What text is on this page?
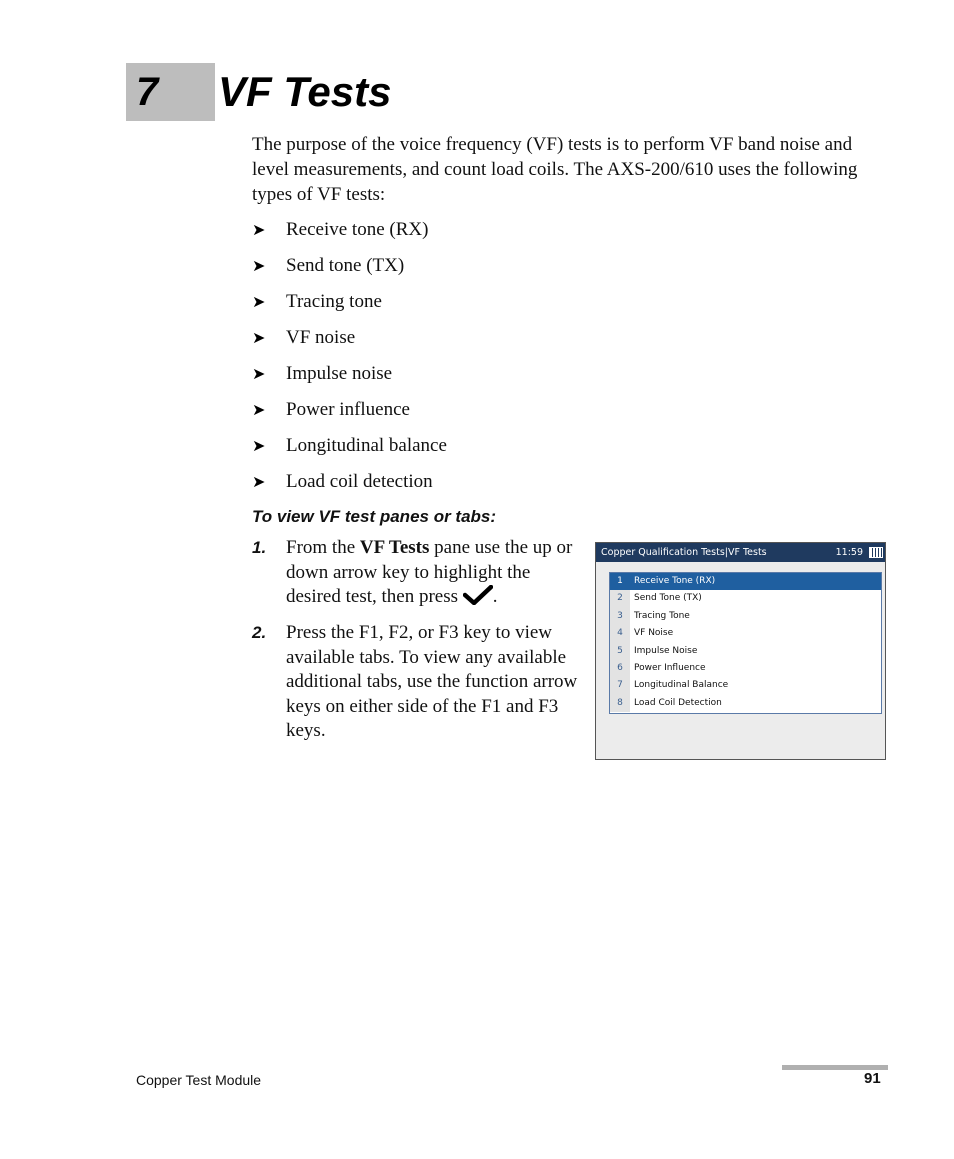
7 VF Tests

The purpose of the voice frequency (VF) tests is to perform VF band noise and level measurements, and count load coils. The AXS-200/610 uses the following types of VF tests:

➤	Receive tone (RX)
➤	Send tone (TX)
➤	Tracing tone
➤	VF noise
➤	Impulse noise
➤	Power influence
➤	Longitudinal balance
➤	Load coil detection
To view VF test panes or tabs:
1. From the VF Tests pane use the up or down arrow key to highlight the desired test, then press .
2. Press the F1, F2, or F3 key to view available tabs. To view any available additional tabs, use the function arrow keys on either side of the F1 and F3 keys.
Copper Qualification Tests|VF Tests	11:59
1	Receive Tone (RX)
2	Send Tone (TX)
3	Tracing Tone
4	VF Noise
5	Impulse Noise
6	Power Influence
7	Longitudinal Balance
8	Load Coil Detection
Copper Test Module	91
